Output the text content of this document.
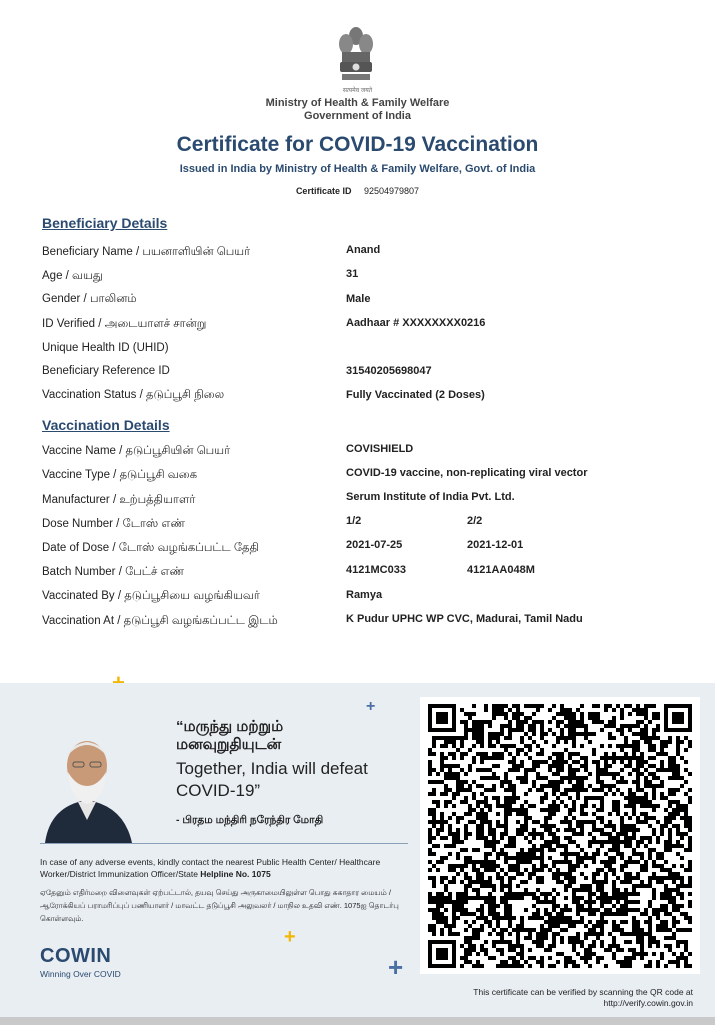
सत्यमेव जयते
Ministry of Health & Family Welfare
Government of India
Certificate for COVID-19 Vaccination
Issued in India by Ministry of Health & Family Welfare, Govt. of India
Certificate ID 92504979807
Beneficiary Details
Beneficiary Name / பயனாளியின் பெயர்	Anand
Age / வயது	31
Gender / பாலினம்	Male
ID Verified / அடையாளச் சான்று	Aadhaar # XXXXXXXX0216
Unique Health ID (UHID)
Beneficiary Reference ID	31540205698047
Vaccination Status / தடுப்பூசி நிலை	Fully Vaccinated (2 Doses)
Vaccination Details
Vaccine Name / தடுப்பூசியின் பெயர்	COVISHIELD
Vaccine Type / தடுப்பூசி வகை	COVID-19 vaccine, non-replicating viral vector
Manufacturer / உற்பத்தியாளர்	Serum Institute of India Pvt. Ltd.
Dose Number / டோஸ் எண்	1/2	2/2
Date of Dose / டோஸ் வழங்கப்பட்ட தேதி	2021-07-25	2021-12-01
Batch Number / பேட்ச் எண்	4121MC033	4121AA048M
Vaccinated By / தடுப்பூசியை வழங்கியவர்	Ramya
Vaccination At / தடுப்பூசி வழங்கப்பட்ட இடம்	K Pudur UPHC WP CVC, Madurai, Tamil Nadu
+
+
+
“மருந்து மற்றும் மனவுறுதியுடன்
Together, India will defeat COVID-19”
- பிரதம மந்திரி நரேந்திர மோதி
In case of any adverse events, kindly contact the nearest Public Health Center/ Healthcare Worker/District Immunization Officer/State Helpline No. 1075
ஏதேனும் எதிர்மறை விளைவுகள் ஏற்பட்டால், தயவு செய்து அருகாமையிலுள்ள பொது சுகாதார மையம் / ஆரோக்கியப் பராமரிப்புப் பணியாளர் / மாவட்ட தடுப்பூசி அலுவலர் / மாநில உதவி எண். 1075ஐ தொடர்பு கொள்ளவும்.
COWIN
Winning Over COVID
This certificate can be verified by scanning the QR code at
http://verify.cowin.gov.in
